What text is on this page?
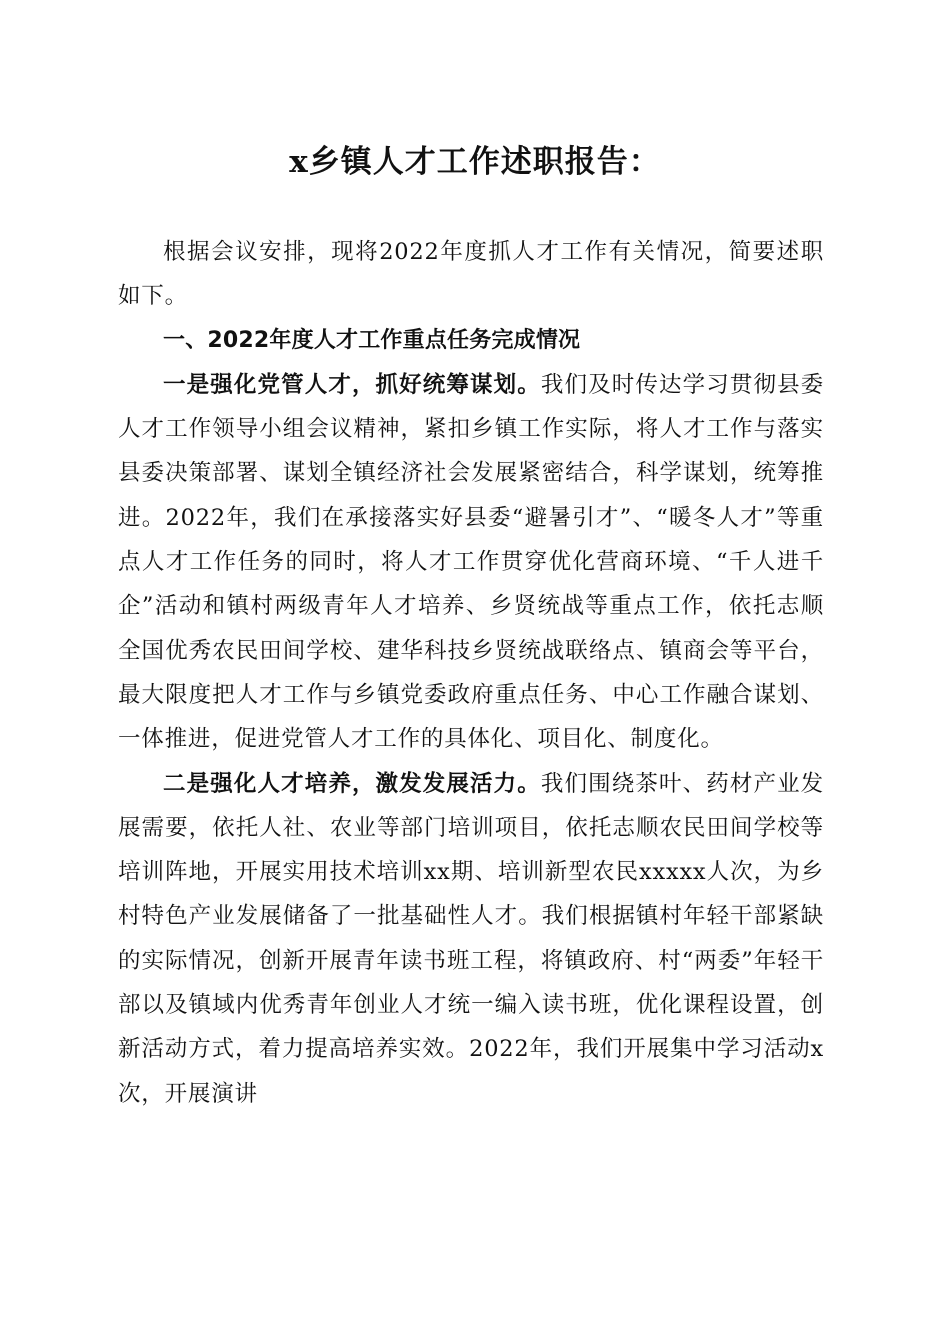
x乡镇人才工作述职报告：

根据会议安排，现将2022年度抓人才工作有关情况，简要述职如下。

一、2022年度人才工作重点任务完成情况

一是强化党管人才，抓好统筹谋划。我们及时传达学习贯彻县委人才工作领导小组会议精神，紧扣乡镇工作实际，将人才工作与落实县委决策部署、谋划全镇经济社会发展紧密结合，科学谋划，统筹推进。2022年，我们在承接落实好县委“避暑引才”、“暖冬人才”等重点人才工作任务的同时，将人才工作贯穿优化营商环境、“千人进千企”活动和镇村两级青年人才培养、乡贤统战等重点工作，依托志顺全国优秀农民田间学校、建华科技乡贤统战联络点、镇商会等平台，最大限度把人才工作与乡镇党委政府重点任务、中心工作融合谋划、一体推进，促进党管人才工作的具体化、项目化、制度化。

二是强化人才培养，激发发展活力。我们围绕茶叶、药材产业发展需要，依托人社、农业等部门培训项目，依托志顺农民田间学校等培训阵地，开展实用技术培训xx期、培训新型农民xxxxx人次，为乡村特色产业发展储备了一批基础性人才。我们根据镇村年轻干部紧缺的实际情况，创新开展青年读书班工程，将镇政府、村“两委”年轻干部以及镇域内优秀青年创业人才统一编入读书班，优化课程设置，创新活动方式，着力提高培养实效。2022年，我们开展集中学习活动x次，开展演讲
